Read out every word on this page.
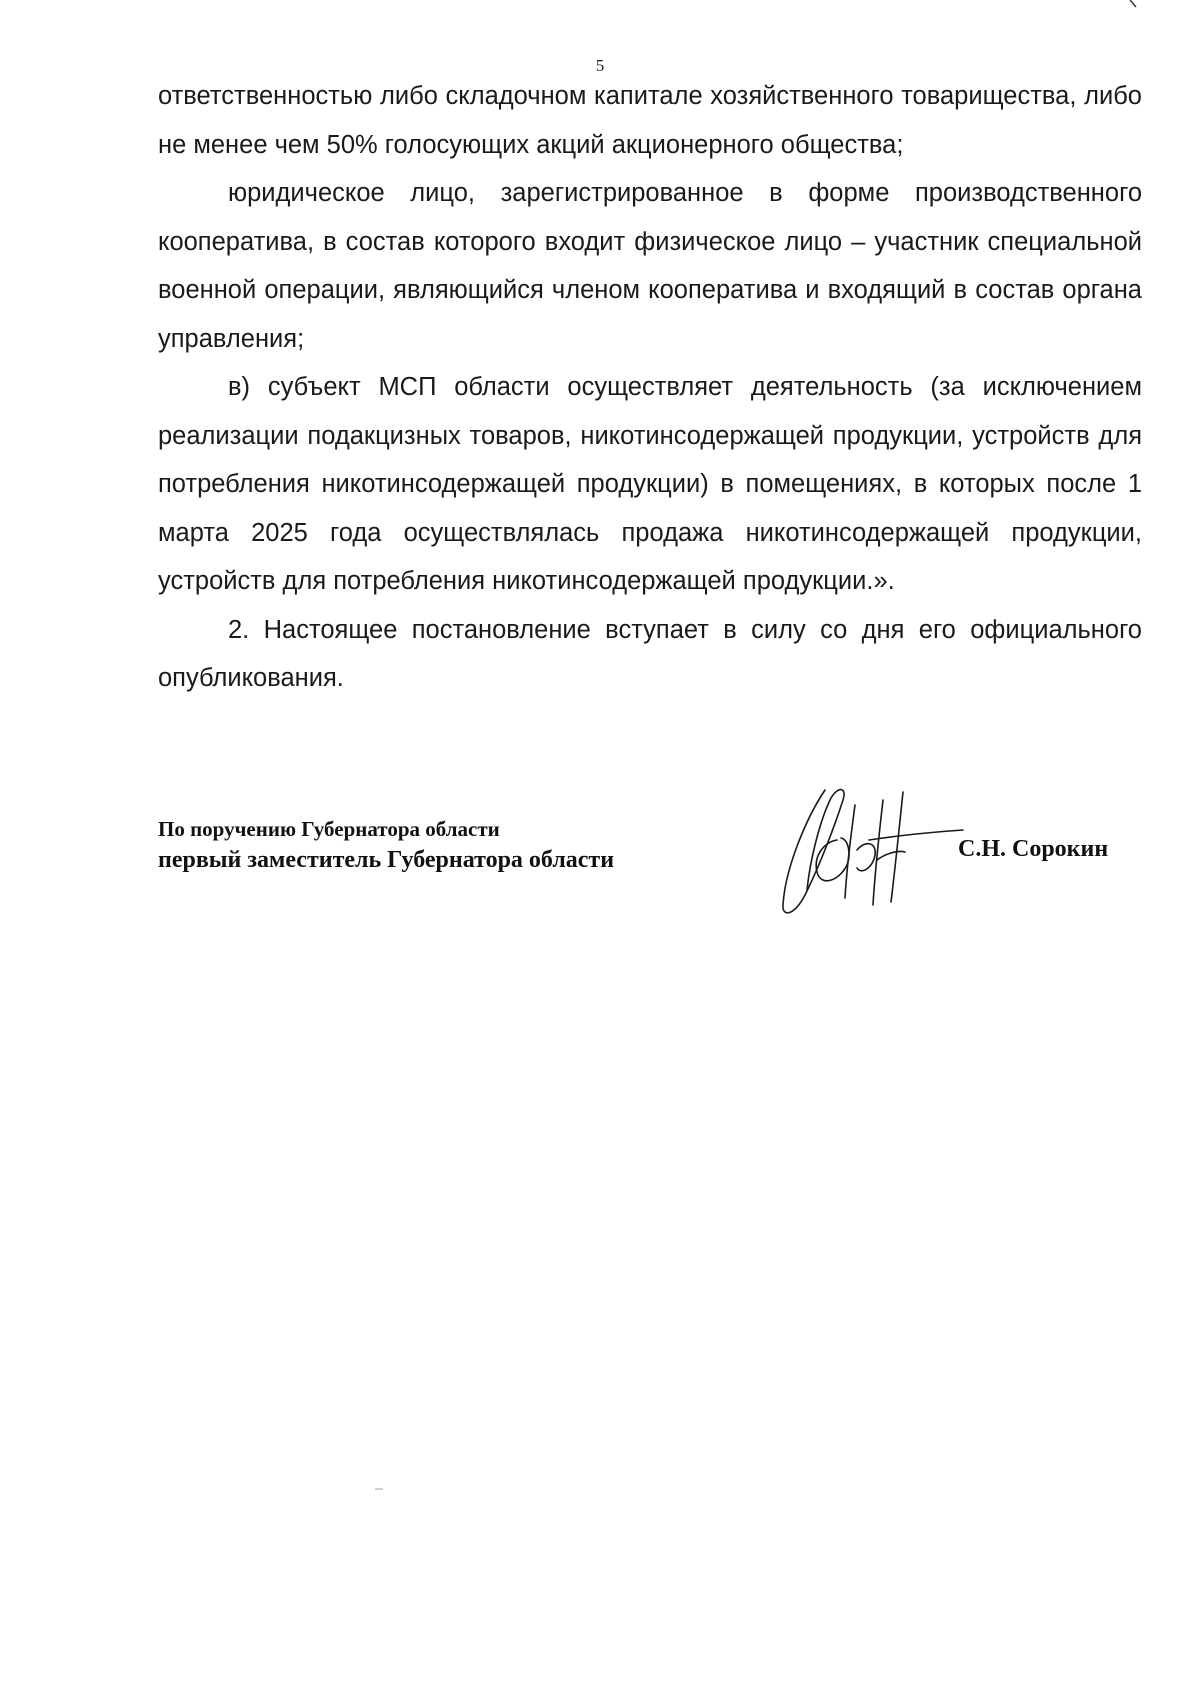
5

ответственностью либо складочном капитале хозяйственного товарищества, либо не менее чем 50% голосующих акций акционерного общества;

юридическое лицо, зарегистрированное в форме производственного кооператива, в состав которого входит физическое лицо – участник специальной военной операции, являющийся членом кооператива и входящий в состав органа управления;

в) субъект МСП области осуществляет деятельность (за исключением реализации подакцизных товаров, никотинсодержащей продукции, устройств для потребления никотинсодержащей продукции) в помещениях, в которых после 1 марта 2025 года осуществлялась продажа никотинсодержащей продукции, устройств для потребления никотинсодержащей продукции.».

2. Настоящее постановление вступает в силу со дня его официального опубликования.

По поручению Губернатора области
первый заместитель Губернатора области	С.Н. Сорокин
